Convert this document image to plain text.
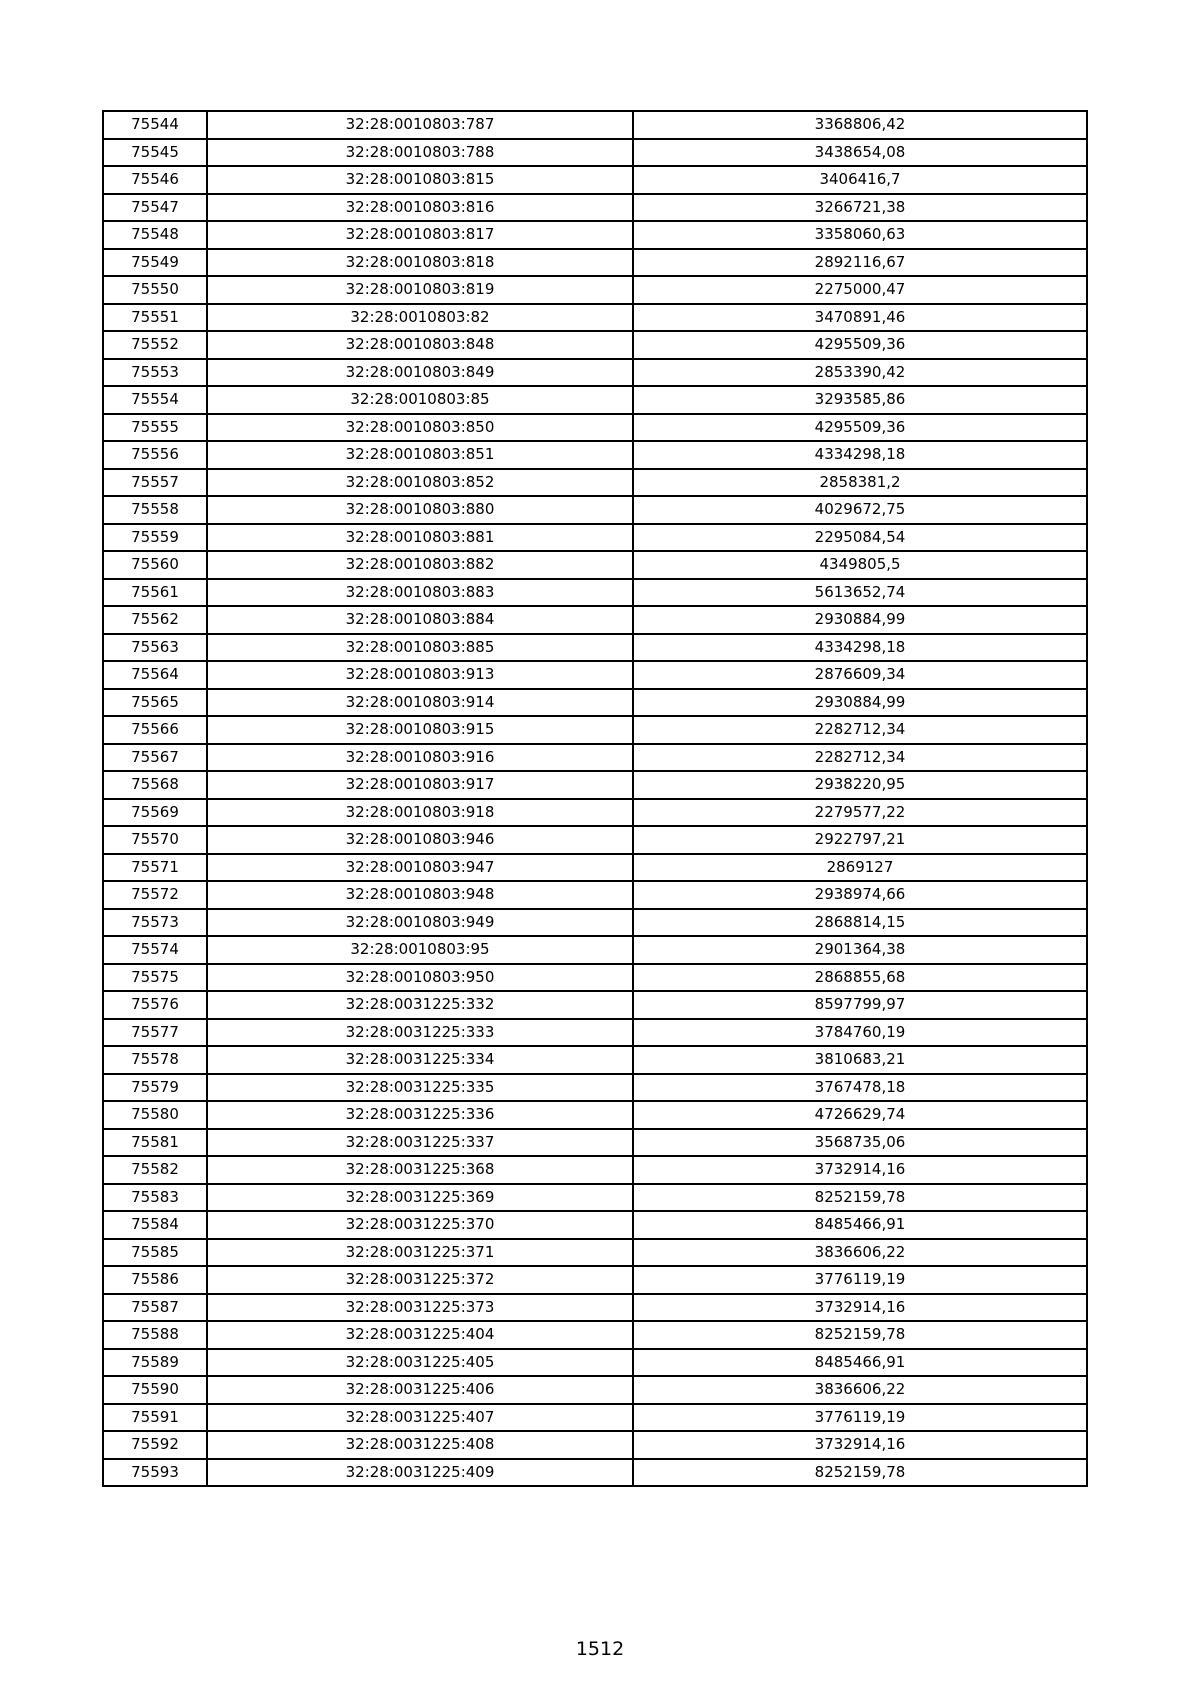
75544	32:28:0010803:787	3368806,42
75545	32:28:0010803:788	3438654,08
75546	32:28:0010803:815	3406416,7
75547	32:28:0010803:816	3266721,38
75548	32:28:0010803:817	3358060,63
75549	32:28:0010803:818	2892116,67
75550	32:28:0010803:819	2275000,47
75551	32:28:0010803:82	3470891,46
75552	32:28:0010803:848	4295509,36
75553	32:28:0010803:849	2853390,42
75554	32:28:0010803:85	3293585,86
75555	32:28:0010803:850	4295509,36
75556	32:28:0010803:851	4334298,18
75557	32:28:0010803:852	2858381,2
75558	32:28:0010803:880	4029672,75
75559	32:28:0010803:881	2295084,54
75560	32:28:0010803:882	4349805,5
75561	32:28:0010803:883	5613652,74
75562	32:28:0010803:884	2930884,99
75563	32:28:0010803:885	4334298,18
75564	32:28:0010803:913	2876609,34
75565	32:28:0010803:914	2930884,99
75566	32:28:0010803:915	2282712,34
75567	32:28:0010803:916	2282712,34
75568	32:28:0010803:917	2938220,95
75569	32:28:0010803:918	2279577,22
75570	32:28:0010803:946	2922797,21
75571	32:28:0010803:947	2869127
75572	32:28:0010803:948	2938974,66
75573	32:28:0010803:949	2868814,15
75574	32:28:0010803:95	2901364,38
75575	32:28:0010803:950	2868855,68
75576	32:28:0031225:332	8597799,97
75577	32:28:0031225:333	3784760,19
75578	32:28:0031225:334	3810683,21
75579	32:28:0031225:335	3767478,18
75580	32:28:0031225:336	4726629,74
75581	32:28:0031225:337	3568735,06
75582	32:28:0031225:368	3732914,16
75583	32:28:0031225:369	8252159,78
75584	32:28:0031225:370	8485466,91
75585	32:28:0031225:371	3836606,22
75586	32:28:0031225:372	3776119,19
75587	32:28:0031225:373	3732914,16
75588	32:28:0031225:404	8252159,78
75589	32:28:0031225:405	8485466,91
75590	32:28:0031225:406	3836606,22
75591	32:28:0031225:407	3776119,19
75592	32:28:0031225:408	3732914,16
75593	32:28:0031225:409	8252159,78
1512
